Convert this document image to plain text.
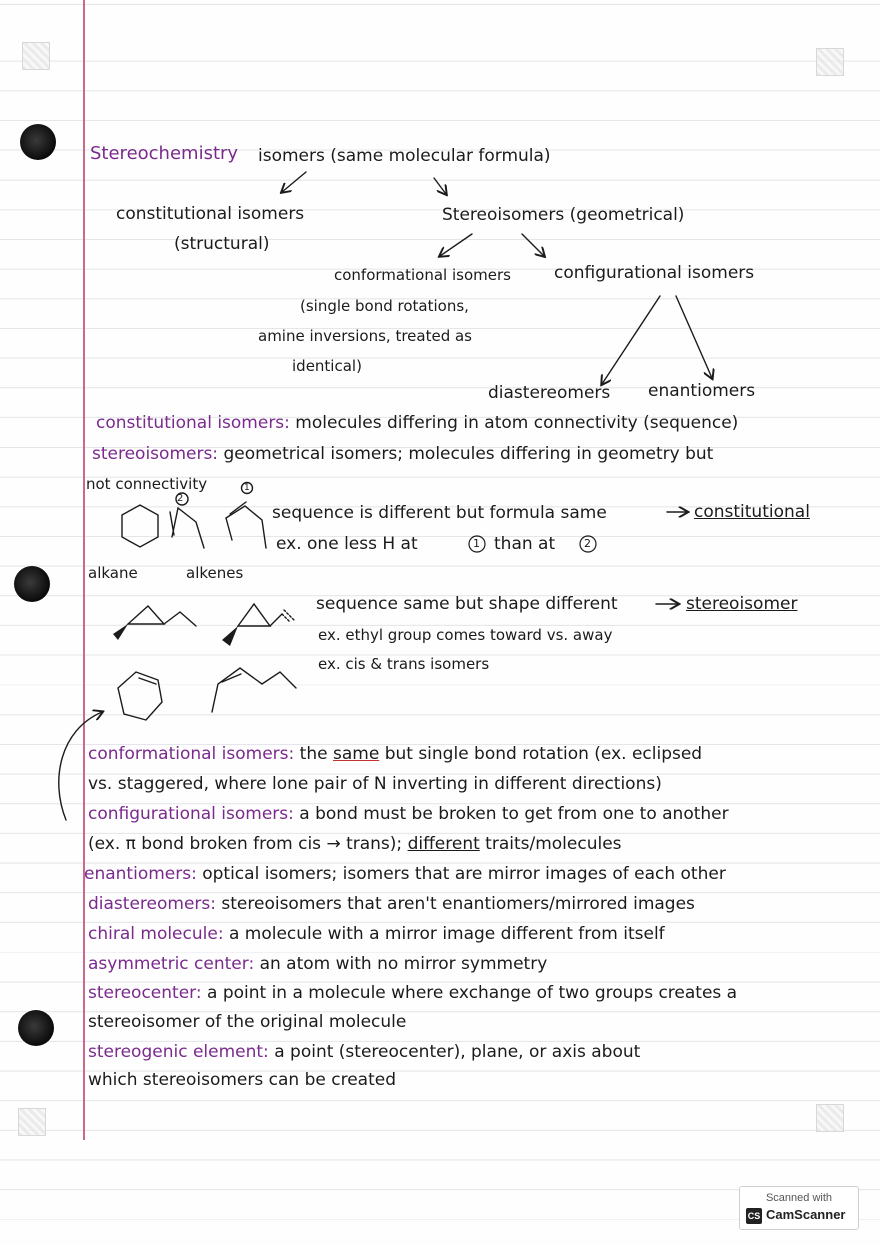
Stereochemistry isomers (same molecular formula)
constitutional isomers
(structural)
Stereoisomers (geometrical)
conformational isomers	configurational isomers
(single bond rotations,
amine inversions, treated as
identical)
diastereomers enantiomers
constitutional isomers: molecules differing in atom connectivity (sequence)
stereoisomers: geometrical isomers; molecules differing in geometry but
not connectivity
2
1
alkane	alkenes
sequence is different but formula same	constitutional
ex. one less H at	1 than at	2
sequence same but shape different	stereoisomer
ex. ethyl group comes toward vs. away
ex. cis & trans isomers
conformational isomers: the same but single bond rotation (ex. eclipsed
vs. staggered, where lone pair of N inverting in different directions)
configurational isomers: a bond must be broken to get from one to another
(ex. π bond broken from cis → trans); different traits/molecules
enantiomers: optical isomers; isomers that are mirror images of each other
diastereomers: stereoisomers that aren't enantiomers/mirrored images
chiral molecule: a molecule with a mirror image different from itself
asymmetric center: an atom with no mirror symmetry
stereocenter: a point in a molecule where exchange of two groups creates a
stereoisomer of the original molecule
stereogenic element: a point (stereocenter), plane, or axis about
which stereoisomers can be created
Scanned with
CS CamScanner
